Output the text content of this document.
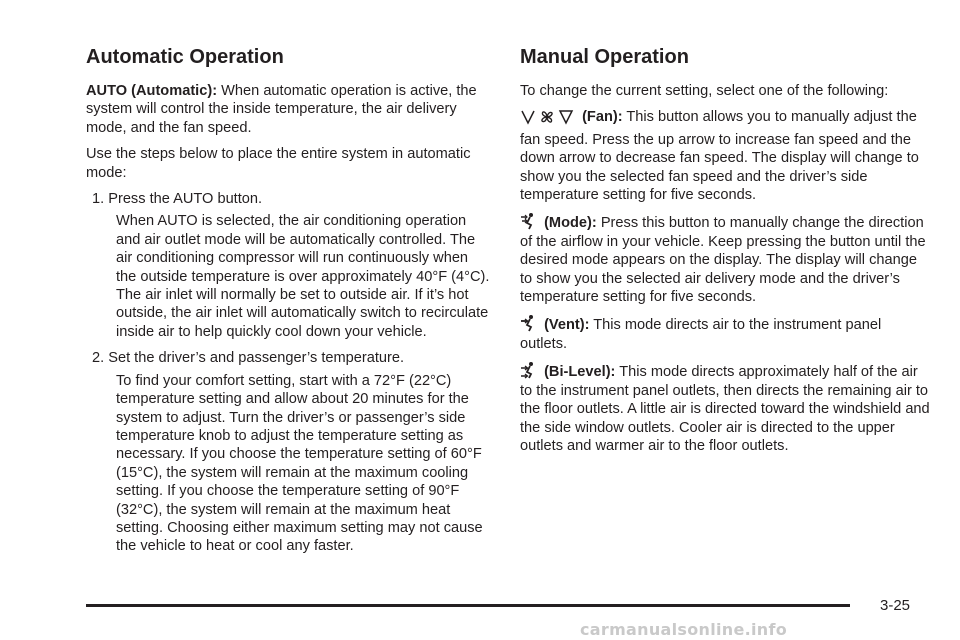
Automatic Operation

AUTO (Automatic): When automatic operation is active, the system will control the inside temperature, the air delivery mode, and the fan speed.

Use the steps below to place the entire system in automatic mode:

1. Press the AUTO button.

When AUTO is selected, the air conditioning operation and air outlet mode will be automatically controlled. The air conditioning compressor will run continuously when the outside temperature is over approximately 40°F (4°C). The air inlet will normally be set to outside air. If it’s hot outside, the air inlet will automatically switch to recirculate inside air to help quickly cool down your vehicle.

2. Set the driver’s and passenger’s temperature.

To find your comfort setting, start with a 72°F (22°C) temperature setting and allow about 20 minutes for the system to adjust. Turn the driver’s or passenger’s side temperature knob to adjust the temperature setting as necessary. If you choose the temperature setting of 60°F (15°C), the system will remain at the maximum cooling setting. If you choose the temperature setting of 90°F (32°C), the system will remain at the maximum heat setting. Choosing either maximum setting may not cause the vehicle to heat or cool any faster.

Manual Operation

To change the current setting, select one of the following:

(Fan): This button allows you to manually adjust the fan speed. Press the up arrow to increase fan speed and the down arrow to decrease fan speed. The display will change to show you the selected fan speed and the driver’s side temperature setting for five seconds.

(Mode): Press this button to manually change the direction of the airflow in your vehicle. Keep pressing the button until the desired mode appears on the display. The display will change to show you the selected air delivery mode and the driver’s temperature setting for five seconds.

(Vent): This mode directs air to the instrument panel outlets.

(Bi-Level): This mode directs approximately half of the air to the instrument panel outlets, then directs the remaining air to the floor outlets. A little air is directed toward the windshield and the side window outlets. Cooler air is directed to the upper outlets and warmer air to the floor outlets.

3-25
carmanualsonline.info
